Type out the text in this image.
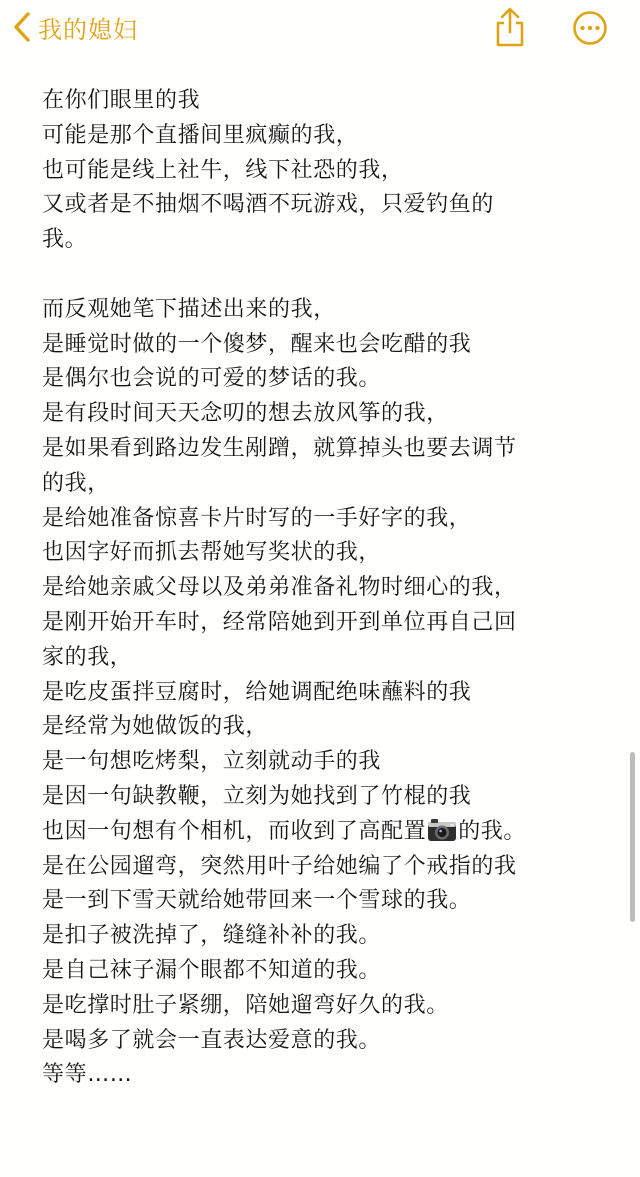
我的媳妇
在你们眼里的我
可能是那个直播间里疯癫的我，
也可能是线上社牛，线下社恐的我，
又或者是不抽烟不喝酒不玩游戏，只爱钓鱼的
我。
而反观她笔下描述出来的我，
是睡觉时做的一个傻梦，醒来也会吃醋的我
是偶尔也会说的可爱的梦话的我。
是有段时间天天念叨的想去放风筝的我，
是如果看到路边发生剐蹭，就算掉头也要去调节
的我，
是给她准备惊喜卡片时写的一手好字的我，
也因字好而抓去帮她写奖状的我，
是给她亲戚父母以及弟弟准备礼物时细心的我，
是刚开始开车时，经常陪她到开到单位再自己回
家的我，
是吃皮蛋拌豆腐时，给她调配绝味蘸料的我
是经常为她做饭的我，
是一句想吃烤梨，立刻就动手的我
是因一句缺教鞭，立刻为她找到了竹棍的我
也因一句想有个相机，而收到了高配置 的我。
是在公园遛弯，突然用叶子给她编了个戒指的我
是一到下雪天就给她带回来一个雪球的我。
是扣子被洗掉了，缝缝补补的我。
是自己袜子漏个眼都不知道的我。
是吃撑时肚子紧绷，陪她遛弯好久的我。
是喝多了就会一直表达爱意的我。
等等……
